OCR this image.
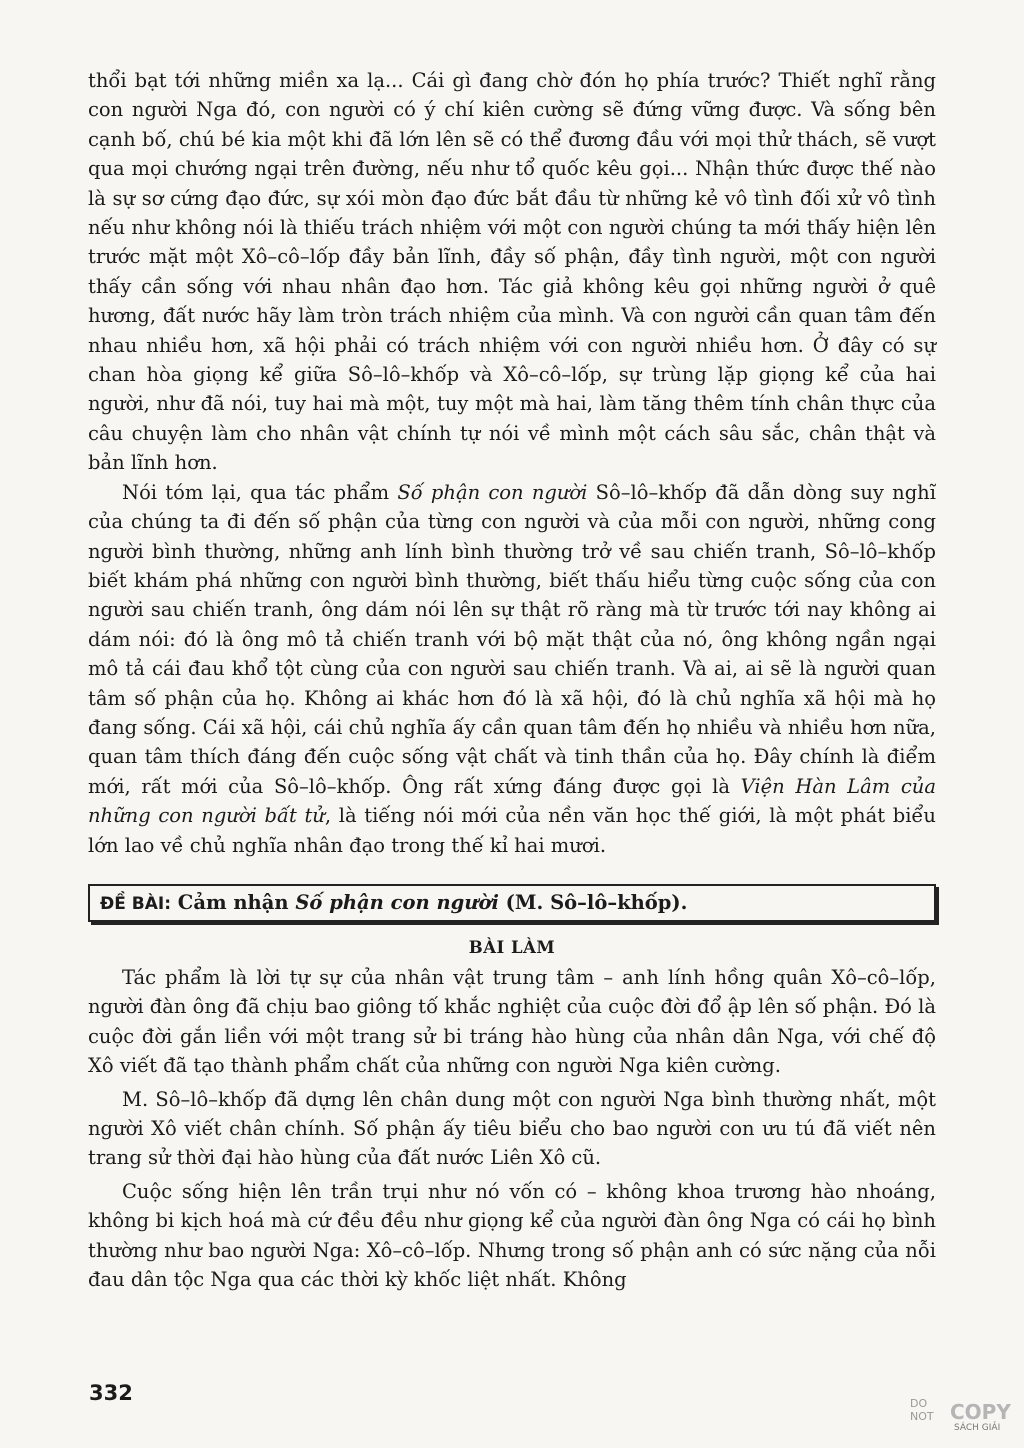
thổi bạt tới những miền xa lạ... Cái gì đang chờ đón họ phía trước? Thiết nghĩ rằng con người Nga đó, con người có ý chí kiên cường sẽ đứng vững được. Và sống bên cạnh bố, chú bé kia một khi đã lớn lên sẽ có thể đương đầu với mọi thử thách, sẽ vượt qua mọi chướng ngại trên đường, nếu như tổ quốc kêu gọi... Nhận thức được thế nào là sự sơ cứng đạo đức, sự xói mòn đạo đức bắt đầu từ những kẻ vô tình đối xử vô tình nếu như không nói là thiếu trách nhiệm với một con người chúng ta mới thấy hiện lên trước mặt một Xô–cô–lốp đầy bản lĩnh, đầy số phận, đầy tình người, một con người thấy cần sống với nhau nhân đạo hơn. Tác giả không kêu gọi những người ở quê hương, đất nước hãy làm tròn trách nhiệm của mình. Và con người cần quan tâm đến nhau nhiều hơn, xã hội phải có trách nhiệm với con người nhiều hơn. Ở đây có sự chan hòa giọng kể giữa Sô–lô–khốp và Xô–cô–lốp, sự trùng lặp giọng kể của hai người, như đã nói, tuy hai mà một, tuy một mà hai, làm tăng thêm tính chân thực của câu chuyện làm cho nhân vật chính tự nói về mình một cách sâu sắc, chân thật và bản lĩnh hơn.

Nói tóm lại, qua tác phẩm Số phận con người Sô–lô–khốp đã dẫn dòng suy nghĩ của chúng ta đi đến số phận của từng con người và của mỗi con người, những cong người bình thường, những anh lính bình thường trở về sau chiến tranh, Sô–lô–khốp biết khám phá những con người bình thường, biết thấu hiểu từng cuộc sống của con người sau chiến tranh, ông dám nói lên sự thật rõ ràng mà từ trước tới nay không ai dám nói: đó là ông mô tả chiến tranh với bộ mặt thật của nó, ông không ngần ngại mô tả cái đau khổ tột cùng của con người sau chiến tranh. Và ai, ai sẽ là người quan tâm số phận của họ. Không ai khác hơn đó là xã hội, đó là chủ nghĩa xã hội mà họ đang sống. Cái xã hội, cái chủ nghĩa ấy cần quan tâm đến họ nhiều và nhiều hơn nữa, quan tâm thích đáng đến cuộc sống vật chất và tinh thần của họ. Đây chính là điểm mới, rất mới của Sô–lô–khốp. Ông rất xứng đáng được gọi là Viện Hàn Lâm của những con người bất tử, là tiếng nói mới của nền văn học thế giới, là một phát biểu lớn lao về chủ nghĩa nhân đạo trong thế kỉ hai mươi.

ĐỀ BÀI: Cảm nhận Số phận con người (M. Sô–lô–khốp).
BÀI LÀM

Tác phẩm là lời tự sự của nhân vật trung tâm – anh lính hồng quân Xô–cô–lốp, người đàn ông đã chịu bao giông tố khắc nghiệt của cuộc đời đổ ập lên số phận. Đó là cuộc đời gắn liền với một trang sử bi tráng hào hùng của nhân dân Nga, với chế độ Xô viết đã tạo thành phẩm chất của những con người Nga kiên cường.

M. Sô–lô–khốp đã dựng lên chân dung một con người Nga bình thường nhất, một người Xô viết chân chính. Số phận ấy tiêu biểu cho bao người con ưu tú đã viết nên trang sử thời đại hào hùng của đất nước Liên Xô cũ.

Cuộc sống hiện lên trần trụi như nó vốn có – không khoa trương hào nhoáng, không bi kịch hoá mà cứ đều đều như giọng kể của người đàn ông Nga có cái họ bình thường như bao người Nga: Xô–cô–lốp. Nhưng trong số phận anh có sức nặng của nỗi đau dân tộc Nga qua các thời kỳ khốc liệt nhất. Không

332	DO
NOT COPY
SÁCH GIẢI
